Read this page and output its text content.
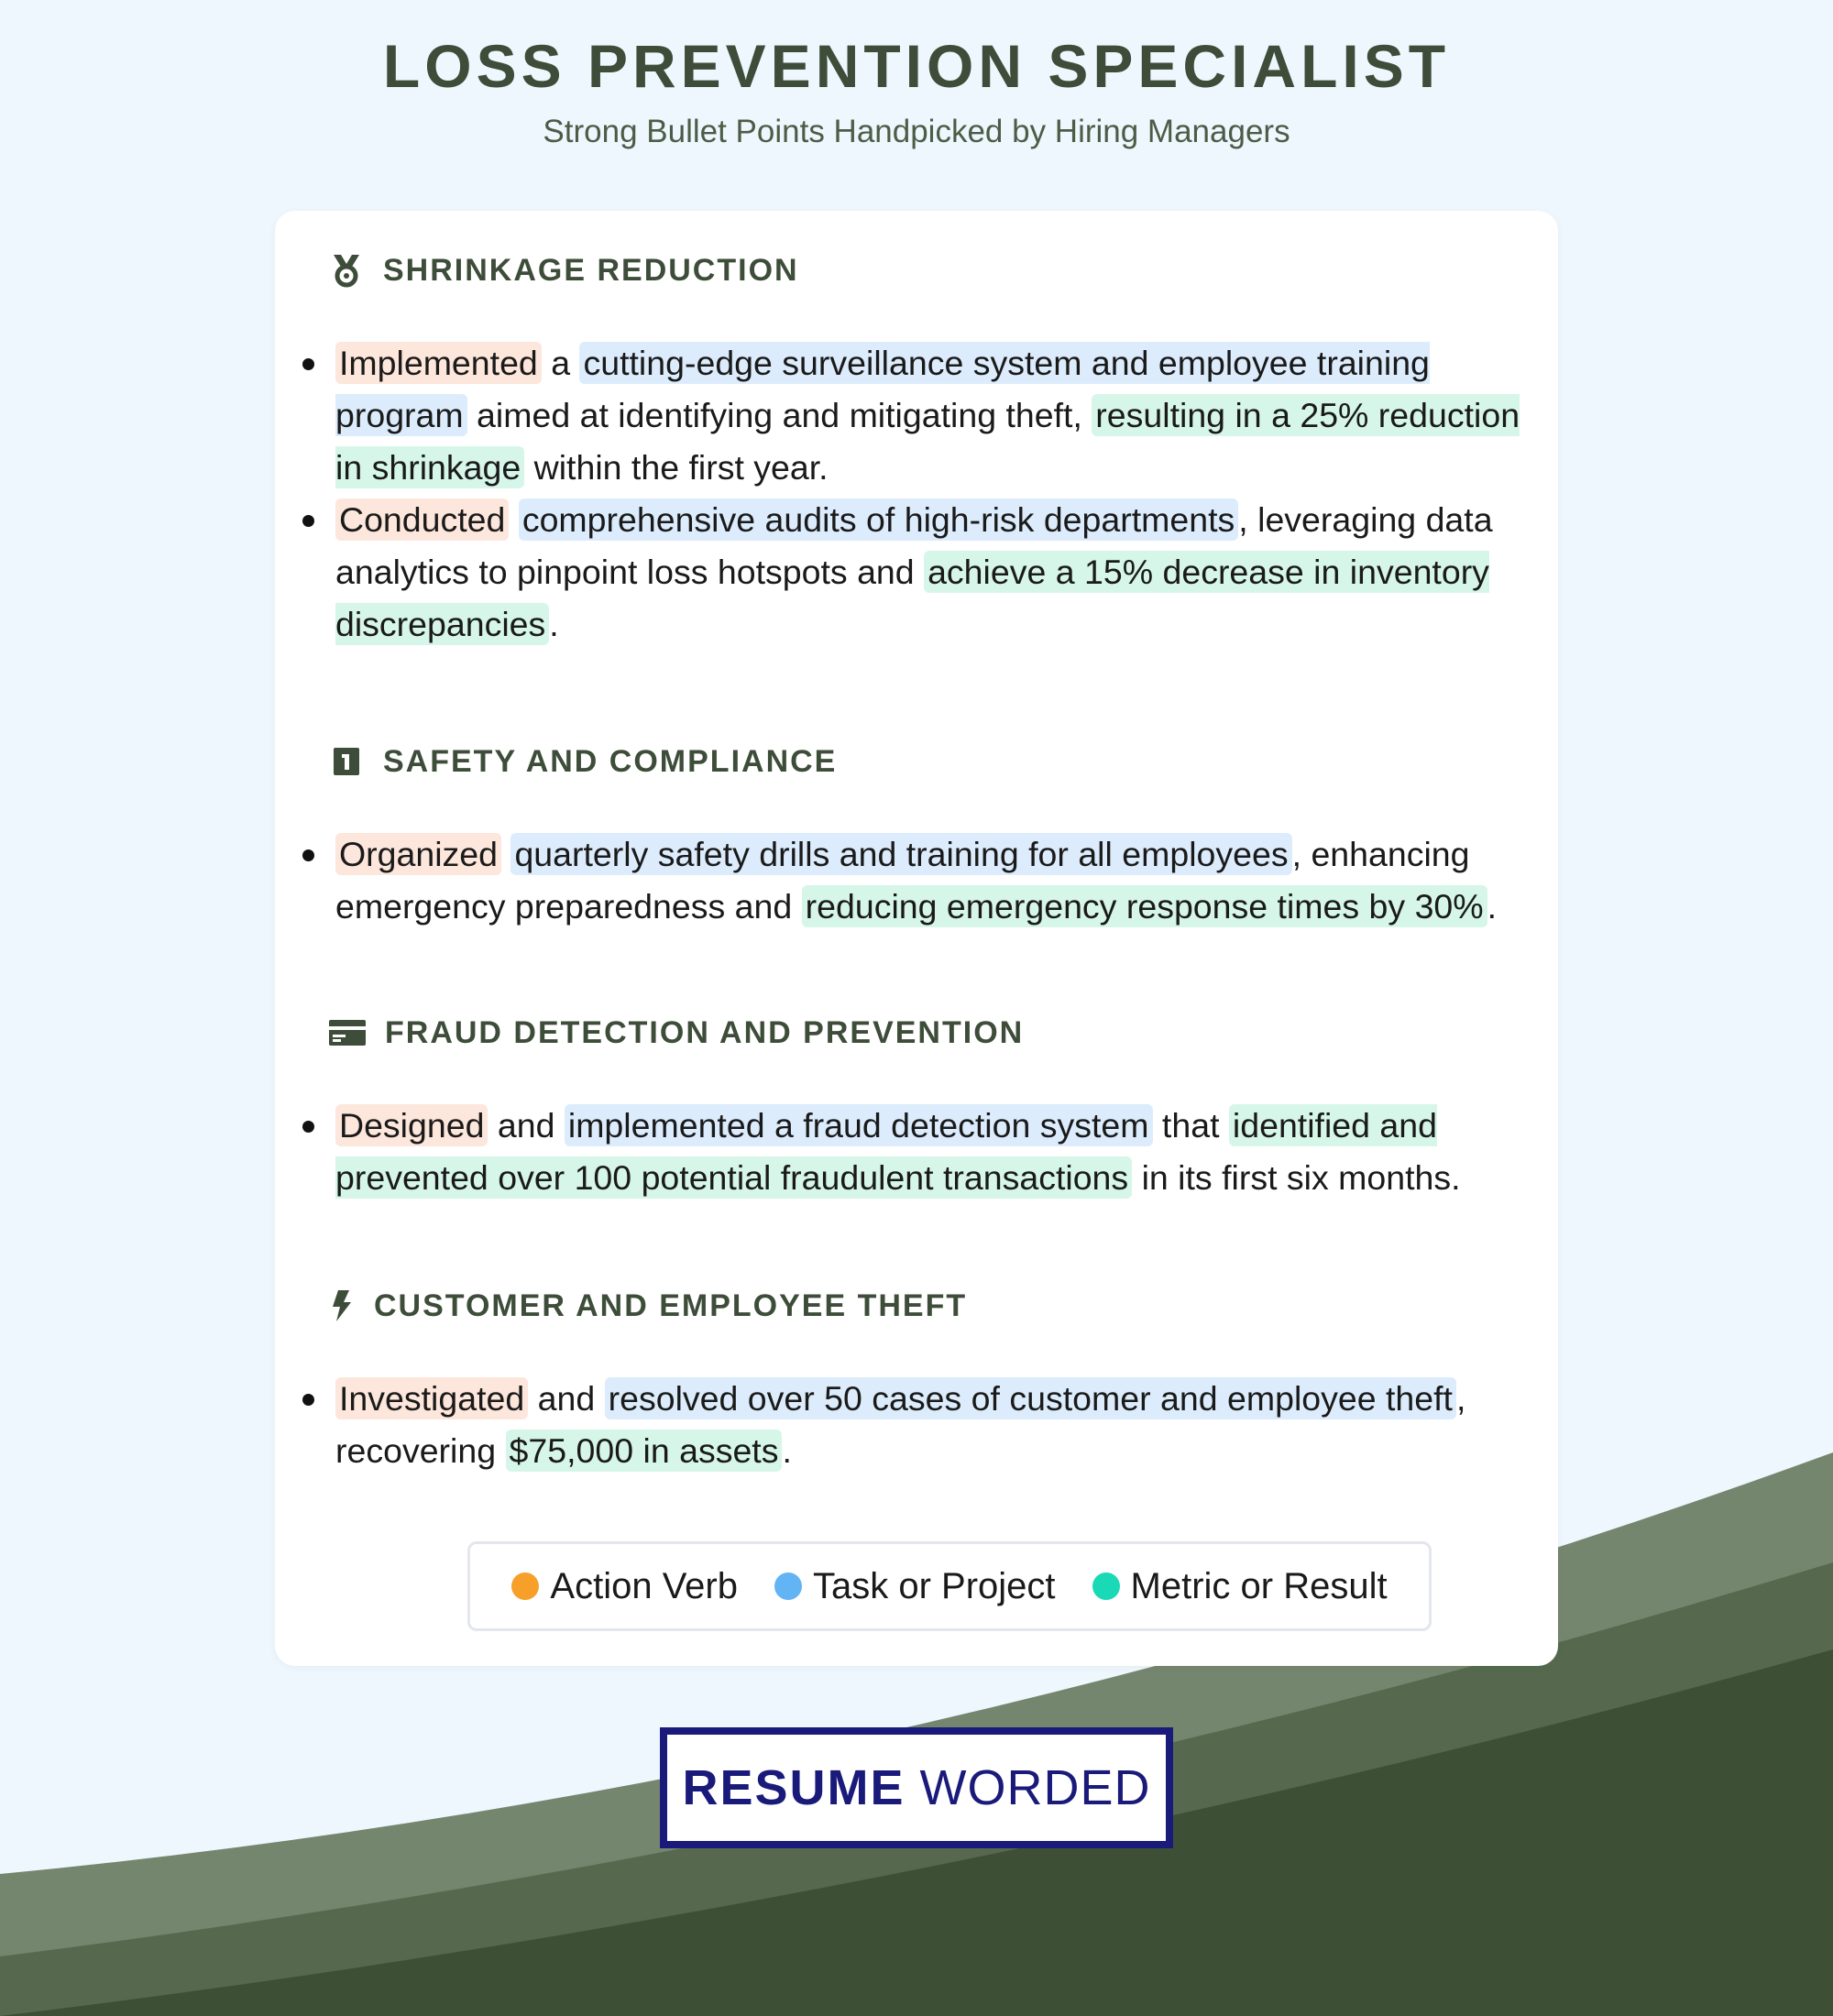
LOSS PREVENTION SPECIALIST
Strong Bullet Points Handpicked by Hiring Managers
SHRINKAGE REDUCTION
Implemented a cutting-edge surveillance system and employee training program aimed at identifying and mitigating theft, resulting in a 25% reduction in shrinkage within the first year.
Conducted comprehensive audits of high-risk departments , leveraging data analytics to pinpoint loss hotspots and achieve a 15% decrease in inventory discrepancies .
SAFETY AND COMPLIANCE
Organized quarterly safety drills and training for all employees , enhancing emergency preparedness and reducing emergency response times by 30% .
FRAUD DETECTION AND PREVENTION
Designed and implemented a fraud detection system that identified and prevented over 100 potential fraudulent transactions in its first six months.
CUSTOMER AND EMPLOYEE THEFT
Investigated and resolved over 50 cases of customer and employee theft , recovering $75,000 in assets .
Action Verb Task or Project Metric or Result
RESUME WORDED
